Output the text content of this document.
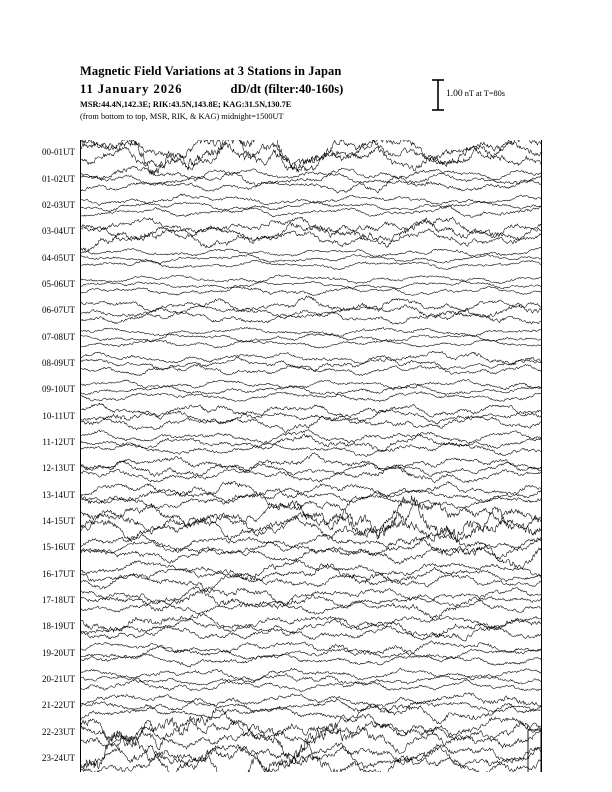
Magnetic Field Variations at 3 Stations in Japan
11 January 2026	dD/dt (filter:40-160s)
MSR:44.4N,142.3E; RIK:43.5N,143.8E; KAG:31.5N,130.7E
(from bottom to top, MSR, RIK, & KAG) midnight=1500UT
1.00 nT at T=80s
00-01UT
01-02UT
02-03UT
03-04UT
04-05UT
05-06UT
06-07UT
07-08UT
08-09UT
09-10UT
10-11UT
11-12UT
12-13UT
13-14UT
14-15UT
15-16UT
16-17UT
17-18UT
18-19UT
19-20UT
20-21UT
21-22UT
22-23UT
23-24UT
